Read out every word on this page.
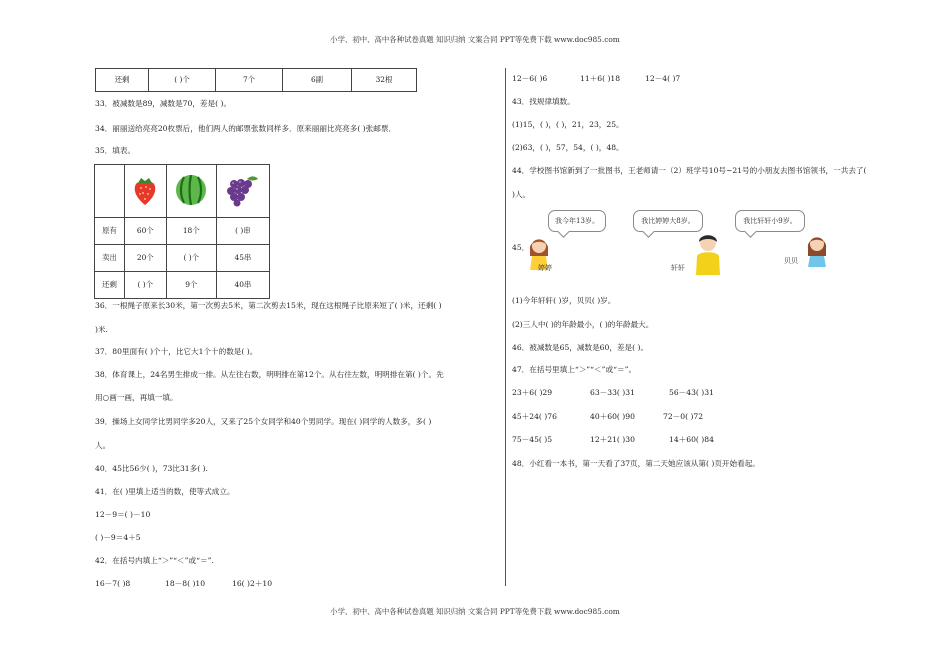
小学、初中、高中各种试卷真题 知识归纳 文案合同 PPT等免费下载 www.doc985.com
还剩	( )个	7个	6副	32根
33．被减数是89，减数是70，差是( )。
34．丽丽送给亮亮20枚票后，他们两人的邮票张数同样多．原来丽丽比亮亮多( )张邮票．
35．填表。

原有	60个	18个	( )串
卖出	20个	( )个	45串
还剩	( )个	9个	40串
36．一根绳子原来长30米，第一次剪去5米，第二次剪去15米，现在这根绳子比原来短了( )米，还剩( )
)米.
37．80里面有( )个十，比它大1个十的数是( )。
38．体育课上，24名男生排成一排。从左往右数，明明排在第12个。从右往左数，明明排在第( )个。先
用○画一画，再填一填。
39．操场上女同学比男同学多20人，又来了25个女同学和40个男同学。现在( )同学的人数多，多( )
人。
40．45比56少( )，73比31多( ).
41．在( )里填上适当的数，使等式成立。
12－9＝( )－10
( )－9＝4＋5
42．在括号内填上“＞”“＜”或“＝”.
16－7( )8	18－8( )10	16( )2＋10
12－6( )6	11＋6( )18	12－4( )7
43．找规律填数。
(1)15，( )，( )，21，23，25。
(2)63，( )，57，54，( )，48。
44．学校图书馆新到了一批图书，王老师请一（2）班学号10号~21号的小朋友去图书馆领书，一共去了(
)人。
45．
我今年13岁。	我比婷婷大8岁。	我比轩轩小9岁。
婷婷	轩轩
贝贝
(1)今年轩轩( )岁，贝贝( )岁。
(2)三人中( )的年龄最小，( )的年龄最大。
46．被减数是65，减数是60，差是( )。
47．在括号里填上“＞”“＜”或“＝”。
23＋6( )29	63－33( )31	56－43( )31
45＋24( )76	40＋60( )90	72－0( )72
75－45( )5	12＋21( )30	14＋60( )84
48．小红看一本书，第一天看了37页，第二天她应该从第( )页开始看起。
小学、初中、高中各种试卷真题 知识归纳 文案合同 PPT等免费下载 www.doc985.com
